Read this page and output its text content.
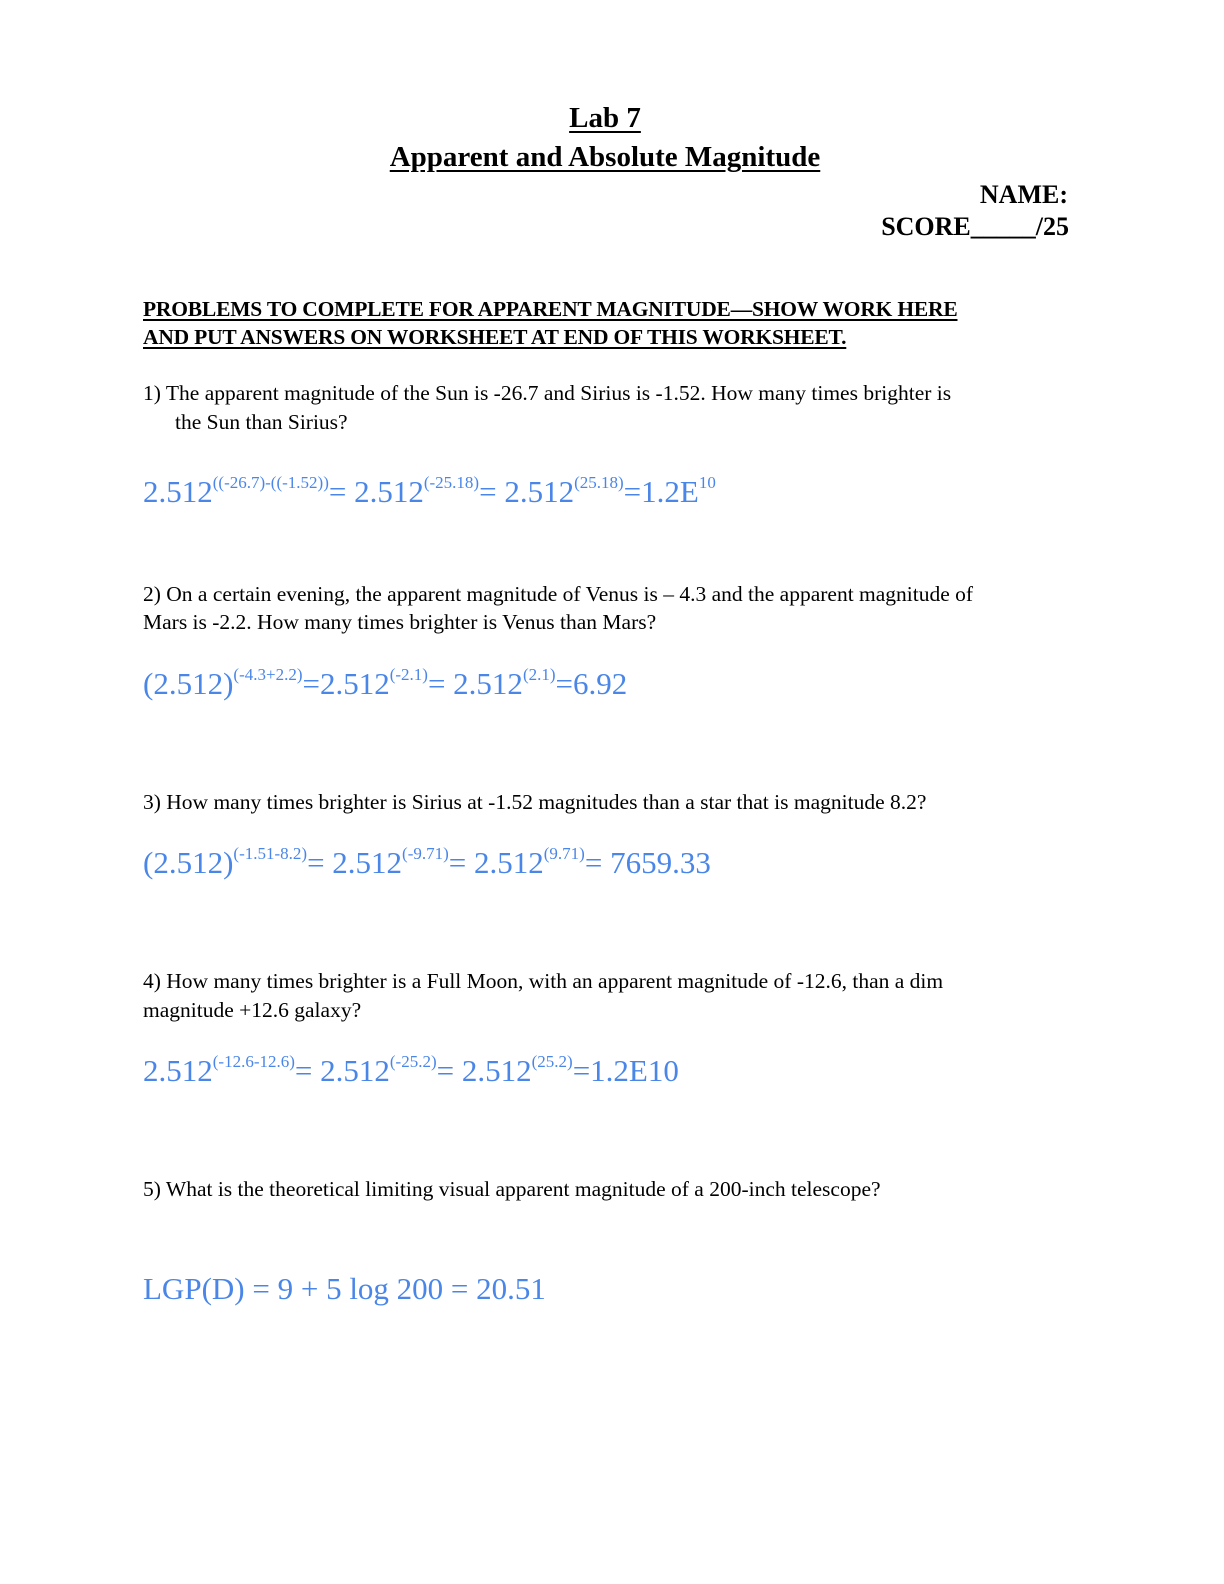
Lab 7
Apparent and Absolute Magnitude
NAME:
SCORE_____/25
PROBLEMS TO COMPLETE FOR APPARENT MAGNITUDE—SHOW WORK HERE
AND PUT ANSWERS ON WORKSHEET AT END OF THIS WORKSHEET.
1) The apparent magnitude of the Sun is -26.7 and Sirius is -1.52. How many times brighter is
the Sun than Sirius?
$2.512^{((-26.7)-((-1.52))}= 2.512^{(-25.18)}= 2.512^{(25.18)}=1.2E^{10}$
2) On a certain evening, the apparent magnitude of Venus is – 4.3 and the apparent magnitude of
Mars is -2.2. How many times brighter is Venus than Mars?
$(2.512)^{(-4.3+2.2)}=2.512^{(-2.1)}= 2.512^{(2.1)}=6.92$
3) How many times brighter is Sirius at -1.52 magnitudes than a star that is magnitude 8.2?
$(2.512)^{(-1.51-8.2)}= 2.512^{(-9.71)}= 2.512^{(9.71)}= 7659.33$
4) How many times brighter is a Full Moon, with an apparent magnitude of -12.6, than a dim
magnitude +12.6 galaxy?
$2.512^{(-12.6-12.6)}= 2.512^{(-25.2)}= 2.512^{(25.2)}=1.2E10$
5) What is the theoretical limiting visual apparent magnitude of a 200-inch telescope?
LGP(D) = 9 + 5 log 200 = 20.51
